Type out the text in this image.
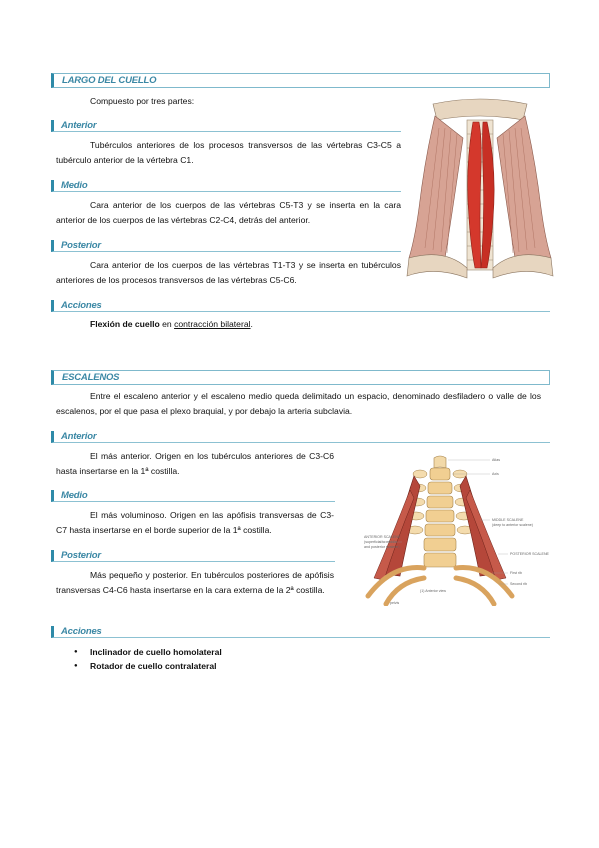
LARGO DEL CUELLO
Compuesto por tres partes:
Anterior
Tubérculos anteriores de los procesos transversos de las vértebras C3-C5 a tubérculo anterior de la vértebra C1.
Medio
Cara anterior de los cuerpos de las vértebras C5-T3 y se inserta en la cara anterior de los cuerpos de las vértebras C2-C4, detrás del anterior.
Posterior
Cara anterior de los cuerpos de las vértebras T1-T3 y se inserta en tubérculos anteriores de los procesos transversos de las vértebras C5-C6.
Acciones
Flexión de cuello en contracción bilateral.
ESCALENOS
Entre el escaleno anterior y el escaleno medio queda delimitado un espacio, denominado desfiladero o valle de los escalenos, por el que pasa el plexo braquial, y por debajo la arteria subclavia.
Anterior
El más anterior. Origen en los tubérculos anteriores de C3-C6 hasta insertarse en la 1ª costilla.
Medio
El más voluminoso. Origen en las apófisis transversas de C3-C7 hasta insertarse en el borde superior de la 1ª costilla.
Posterior
Más pequeño y posterior. En tubérculos posteriores de apófisis transversas C4-C6 hasta insertarse en la cara externa de la 2ª costilla.
Acciones
● Inclinador de cuello homolateral
● Rotador de cuello contralateral
Atlas
Axis
MIDDLE SCALENE
(deep to anterior scalene)
ANTERIOR SCALENE
(superficial to middle
and posterior scalene)
POSTERIOR SCALENE
First rib
Second rib
(1) Anterior view
pelvis
